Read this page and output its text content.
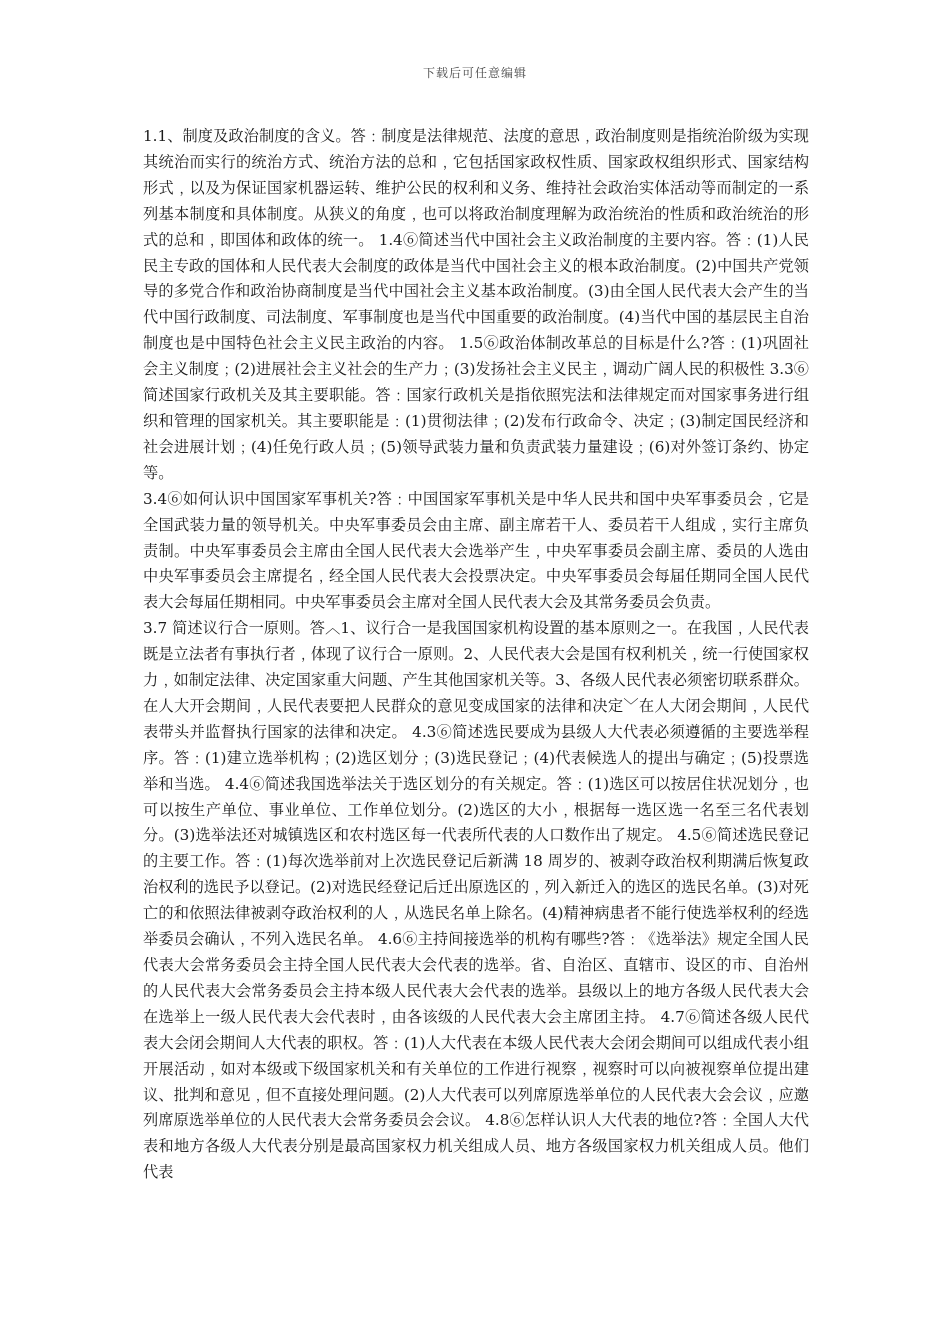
下载后可任意编辑

1.1、制度及政治制度的含义。答﹕制度是法律规范、法度的意思﹐政治制度则是指统治阶级为实现其统治而实行的统治方式、统治方法的总和﹐它包括国家政权性质、国家政权组织形式、国家结构形式﹐以及为保证国家机器运转、维护公民的权利和义务、维持社会政治实体活动等而制定的一系列基本制度和具体制度。从狭义的角度﹐也可以将政治制度理解为政治统治的性质和政治统治的形式的总和﹐即国体和政体的统一。 1.4⑥简述当代中国社会主义政治制度的主要内容。答﹕(1)人民民主专政的国体和人民代表大会制度的政体是当代中国社会主义的根本政治制度。(2)中国共产党领导的多党合作和政治协商制度是当代中国社会主义基本政治制度。(3)由全国人民代表大会产生的当代中国行政制度、司法制度、军事制度也是当代中国重要的政治制度。(4)当代中国的基层民主自治制度也是中国特色社会主义民主政治的内容。 1.5⑥政治体制改革总的目标是什么?答﹕(1)巩固社会主义制度﹔(2)进展社会主义社会的生产力﹔(3)发扬社会主义民主﹐调动广阔人民的积极性 3.3⑥简述国家行政机关及其主要职能。答﹕国家行政机关是指依照宪法和法律规定而对国家事务进行组织和管理的国家机关。其主要职能是﹕(1)贯彻法律﹔(2)发布行政命令、决定﹔(3)制定国民经济和社会进展计划﹔(4)任免行政人员﹔(5)领导武装力量和负责武装力量建设﹔(6)对外签订条约、协定等。

3.4⑥如何认识中国国家军事机关?答﹕中国国家军事机关是中华人民共和国中央军事委员会﹐它是全国武装力量的领导机关。中央军事委员会由主席、副主席若干人、委员若干人组成﹐实行主席负责制。中央军事委员会主席由全国人民代表大会选举产生﹐中央军事委员会副主席、委员的人选由中央军事委员会主席提名﹐经全国人民代表大会投票决定。中央军事委员会每届任期同全国人民代表大会每届任期相同。中央军事委员会主席对全国人民代表大会及其常务委员会负责。

3.7 简述议行合一原则。答︿1、议行合一是我国国家机构设置的基本原则之一。在我国﹐人民代表既是立法者有事执行者﹐体现了议行合一原则。2、人民代表大会是国有权利机关﹐统一行使国家权力﹐如制定法律、决定国家重大问题、产生其他国家机关等。3、各级人民代表必须密切联系群众。在人大开会期间﹐人民代表要把人民群众的意见变成国家的法律和决定﹀在人大闭会期间﹐人民代表带头并监督执行国家的法律和决定。 4.3⑥简述选民要成为县级人大代表必须遵循的主要选举程序。答﹕(1)建立选举机构﹔(2)选区划分﹔(3)选民登记﹔(4)代表候选人的提出与确定﹔(5)投票选举和当选。 4.4⑥简述我国选举法关于选区划分的有关规定。答﹕(1)选区可以按居住状况划分﹐也可以按生产单位、事业单位、工作单位划分。(2)选区的大小﹐根据每一选区选一名至三名代表划分。(3)选举法还对城镇选区和农村选区每一代表所代表的人口数作出了规定。 4.5⑥简述选民登记的主要工作。答﹕(1)每次选举前对上次选民登记后新满 18 周岁的、被剥夺政治权利期满后恢复政治权利的选民予以登记。(2)对选民经登记后迁出原选区的﹐列入新迁入的选区的选民名单。(3)对死亡的和依照法律被剥夺政治权利的人﹐从选民名单上除名。(4)精神病患者不能行使选举权利的经选举委员会确认﹐不列入选民名单。 4.6⑥主持间接选举的机构有哪些?答﹕《选举法》规定全国人民代表大会常务委员会主持全国人民代表大会代表的选举。省、自治区、直辖市、设区的市、自治州的人民代表大会常务委员会主持本级人民代表大会代表的选举。县级以上的地方各级人民代表大会在选举上一级人民代表大会代表时﹐由各该级的人民代表大会主席团主持。 4.7⑥简述各级人民代表大会闭会期间人大代表的职权。答﹕(1)人大代表在本级人民代表大会闭会期间可以组成代表小组开展活动﹐如对本级或下级国家机关和有关单位的工作进行视察﹐视察时可以向被视察单位提出建议、批判和意见﹐但不直接处理问题。(2)人大代表可以列席原选举单位的人民代表大会会议﹐应邀列席原选举单位的人民代表大会常务委员会会议。 4.8⑥怎样认识人大代表的地位?答﹕全国人大代表和地方各级人大代表分别是最高国家权力机关组成人员、地方各级国家权力机关组成人员。他们代表
